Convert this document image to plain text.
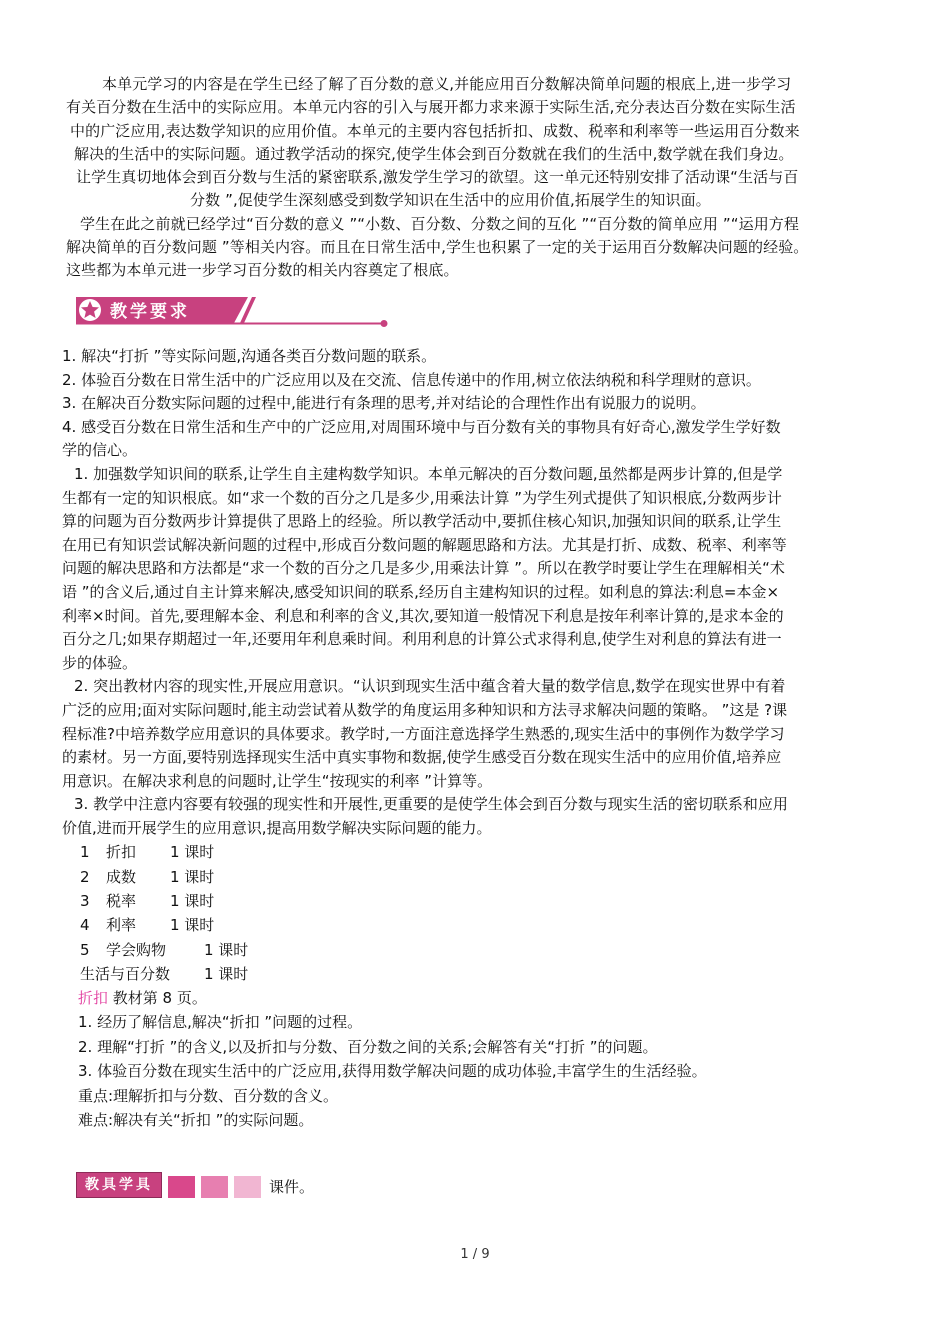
本单元学习的内容是在学生已经了解了百分数的意义,并能应用百分数解决简单问题的根底上,进一步学习

有关百分数在生活中的实际应用。本单元内容的引入与展开都力求来源于实际生活,充分表达百分数在实际生活

中的广泛应用,表达数学知识的应用价值。本单元的主要内容包括折扣、成数、税率和利率等一些运用百分数来

解决的生活中的实际问题。通过教学活动的探究,使学生体会到百分数就在我们的生活中,数学就在我们身边。

让学生真切地体会到百分数与生活的紧密联系,激发学生学习的欲望。这一单元还特别安排了活动课“生活与百

分数 ”,促使学生深刻感受到数学知识在生活中的应用价值,拓展学生的知识面。

学生在此之前就已经学过“百分数的意义 ”“小数、百分数、分数之间的互化 ”“百分数的简单应用 ”“运用方程

解决简单的百分数问题 ”等相关内容。而且在日常生活中,学生也积累了一定的关于运用百分数解决问题的经验。

这些都为本单元进一步学习百分数的相关内容奠定了根底。

教学要求

1. 解决“打折 ”等实际问题,沟通各类百分数问题的联系。

2. 体验百分数在日常生活中的广泛应用以及在交流、信息传递中的作用,树立依法纳税和科学理财的意识。

3. 在解决百分数实际问题的过程中,能进行有条理的思考,并对结论的合理性作出有说服力的说明。

4. 感受百分数在日常生活和生产中的广泛应用,对周围环境中与百分数有关的事物具有好奇心,激发学生学好数

学的信心。

1. 加强数学知识间的联系,让学生自主建构数学知识。本单元解决的百分数问题,虽然都是两步计算的,但是学

生都有一定的知识根底。如“求一个数的百分之几是多少,用乘法计算 ”为学生列式提供了知识根底,分数两步计

算的问题为百分数两步计算提供了思路上的经验。所以教学活动中,要抓住核心知识,加强知识间的联系,让学生

在用已有知识尝试解决新问题的过程中,形成百分数问题的解题思路和方法。尤其是打折、成数、税率、利率等

问题的解决思路和方法都是“求一个数的百分之几是多少,用乘法计算 ”。所以在教学时要让学生在理解相关“术

语 ”的含义后,通过自主计算来解决,感受知识间的联系,经历自主建构知识的过程。如利息的算法:利息=本金×

利率×时间。首先,要理解本金、利息和利率的含义,其次,要知道一般情况下利息是按年利率计算的,是求本金的

百分之几;如果存期超过一年,还要用年利息乘时间。利用利息的计算公式求得利息,使学生对利息的算法有进一

步的体验。

2. 突出教材内容的现实性,开展应用意识。“认识到现实生活中蕴含着大量的数学信息,数学在现实世界中有着

广泛的应用;面对实际问题时,能主动尝试着从数学的角度运用多种知识和方法寻求解决问题的策略。 ”这是 ?课

程标准?中培养数学应用意识的具体要求。教学时,一方面注意选择学生熟悉的,现实生活中的事例作为数学学习

的素材。另一方面,要特别选择现实生活中真实事物和数据,使学生感受百分数在现实生活中的应用价值,培养应

用意识。在解决求利息的问题时,让学生“按现实的利率 ”计算等。

3. 教学中注意内容要有较强的现实性和开展性,更重要的是使学生体会到百分数与现实生活的密切联系和应用

价值,进而开展学生的应用意识,提高用数学解决实际问题的能力。

1	折扣	1 课时
2	成数	1 课时
3	税率	1 课时
4	利率	1 课时
5	学会购物	1 课时
生活与百分数	1 课时

折扣 教材第 8 页。

1. 经历了解信息,解决“折扣 ”问题的过程。

2. 理解“打折 ”的含义,以及折扣与分数、百分数之间的关系;会解答有关“打折 ”的问题。

3. 体验百分数在现实生活中的广泛应用,获得用数学解决问题的成功体验,丰富学生的生活经验。

重点:理解折扣与分数、百分数的含义。

难点:解决有关“折扣 ”的实际问题。

教具学具	课件。
1 / 9
